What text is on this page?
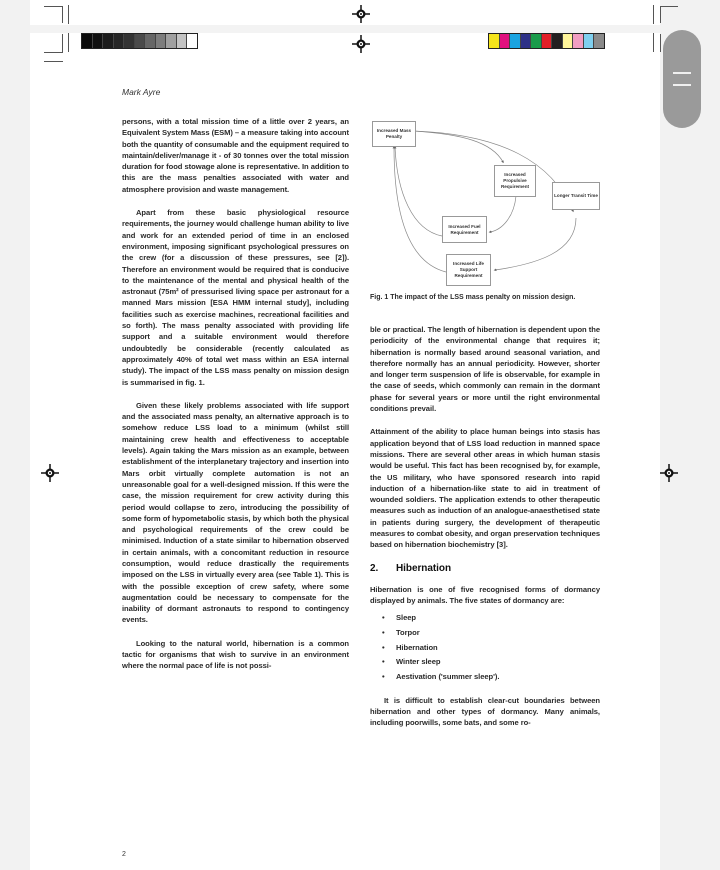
Mark Ayre

persons, with a total mission time of a little over 2 years, an Equivalent System Mass (ESM) – a measure taking into account both the quantity of consumable and the equipment required to maintain/deliver/manage it - of 30 tonnes over the total mission duration for food stowage alone is representative. In addition to this are the mass penalties associated with water and atmosphere provision and waste management.

Apart from these basic physiological resource requirements, the journey would challenge human ability to live and work for an extended period of time in an enclosed environment, imposing significant psychological pressures on the crew (for a discussion of these pressures, see [2]). Therefore an environment would be required that is conducive to the maintenance of the mental and physical health of the astronaut (75m² of pressurised living space per astronaut for a manned Mars mission [ESA HMM internal study], including facilities such as exercise machines, recreational facilities and so forth). The mass penalty associated with providing life support and a suitable environment would therefore undoubtedly be considerable (recently calculated as approximately 40% of total wet mass within an ESA internal study). The impact of the LSS mass penalty on mission design is summarised in fig. 1.

Given these likely problems associated with life support and the associated mass penalty, an alternative approach is to somehow reduce LSS load to a minimum (whilst still maintaining crew health and effectiveness to acceptable levels). Again taking the Mars mission as an example, between establishment of the interplanetary trajectory and insertion into Mars orbit virtually complete automation is not an unreasonable goal for a well-designed mission. If this were the case, the mission requirement for crew activity during this period would collapse to zero, introducing the possibility of some form of hypometabolic stasis, by which both the physical and psychological requirements of the crew could be minimised. Induction of a state similar to hibernation observed in certain animals, with a concomitant reduction in resource consumption, would reduce drastically the requirements imposed on the LSS in virtually every area (see Table 1). This is with the possible exception of crew safety, where some augmentation could be necessary to compensate for the inability of dormant astronauts to respond to contingency events.

Looking to the natural world, hibernation is a common tactic for organisms that wish to survive in an environment where the normal pace of life is not possi-

Increased Mass Penalty
Increased Propulsive Requirement
Longer Transit Time
Increased Fuel Requirement
Increased Life Support Requirement
Fig. 1 The impact of the LSS mass penalty on mission design.

ble or practical. The length of hibernation is dependent upon the periodicity of the environmental change that requires it; hibernation is normally based around seasonal variation, and therefore normally has an annual periodicity. However, shorter and longer term suspension of life is observable, for example in the case of seeds, which commonly can remain in the dormant phase for several years or more until the right environmental conditions prevail.

Attainment of the ability to place human beings into stasis has application beyond that of LSS load reduction in manned space missions. There are several other areas in which human stasis would be useful. This fact has been recognised by, for example, the US military, who have sponsored research into rapid induction of a hibernation-like state to aid in treatment of wounded soldiers. The application extends to other therapeutic measures such as induction of an analogue-anaesthetised state in patients during surgery, the development of therapeutic measures to combat obesity, and organ preservation techniques based on hibernation biochemistry [3].

2. Hibernation

Hibernation is one of five recognised forms of dormancy displayed by animals. The five states of dormancy are:

• Sleep
• Torpor
• Hibernation
• Winter sleep
• Aestivation ('summer sleep').

It is difficult to establish clear-cut boundaries between hibernation and other types of dormancy. Many animals, including poorwills, some bats, and some ro-

2
